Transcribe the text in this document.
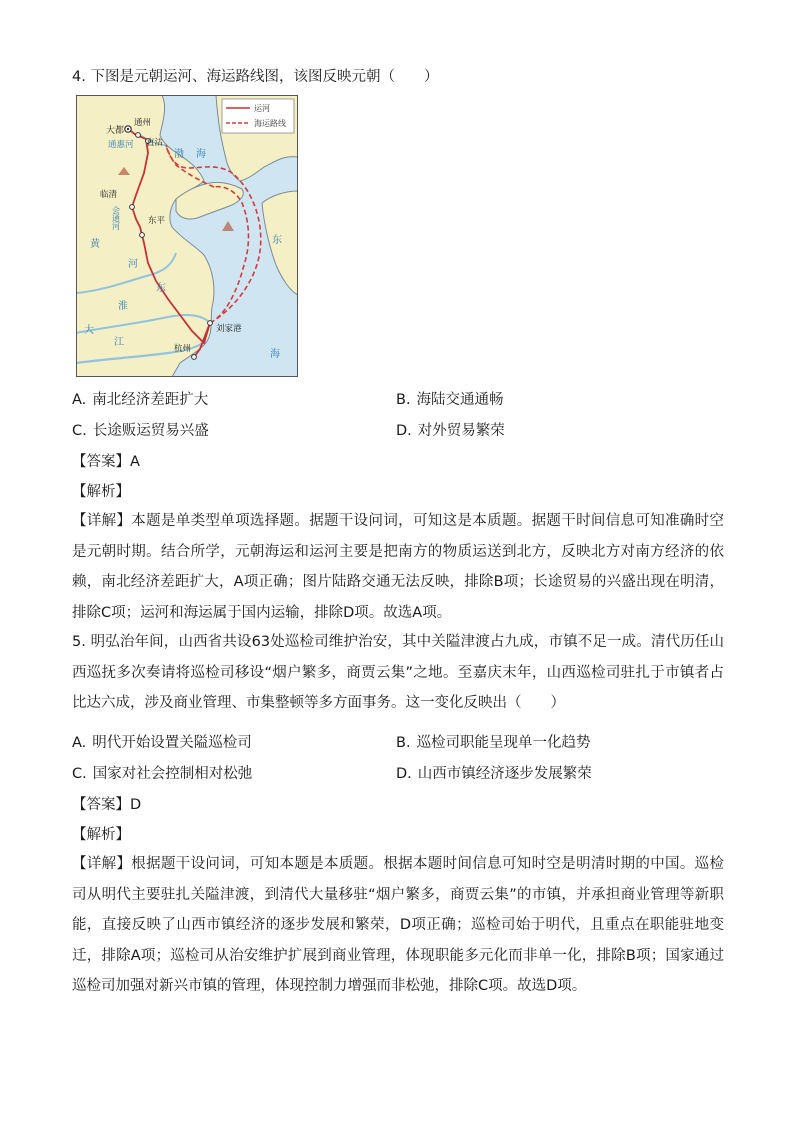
4. 下图是元朝运河、海运路线图，该图反映元朝（　　）
运河
海运路线
大都
通州
通惠河 直沽
渤 海
临清
会
通
河
东平
黄
河
东
东
淮
大
江
刘家港
杭州	海
A. 南北经济差距扩大	B. 海陆交通通畅
C. 长途贩运贸易兴盛	D. 对外贸易繁荣
【答案】A
【解析】
【详解】本题是单类型单项选择题。据题干设问词，可知这是本质题。据题干时间信息可知准确时空是元朝时期。结合所学，元朝海运和运河主要是把南方的物质运送到北方，反映北方对南方经济的依赖，南北经济差距扩大，A项正确；图片陆路交通无法反映，排除B项；长途贸易的兴盛出现在明清，排除C项；运河和海运属于国内运输，排除D项。故选A项。
5. 明弘治年间，山西省共设63处巡检司维护治安，其中关隘津渡占九成，市镇不足一成。清代历任山西巡抚多次奏请将巡检司移设“烟户繁多，商贾云集”之地。至嘉庆末年，山西巡检司驻扎于市镇者占比达六成，涉及商业管理、市集整顿等多方面事务。这一变化反映出（　　）
A. 明代开始设置关隘巡检司	B. 巡检司职能呈现单一化趋势
C. 国家对社会控制相对松弛	D. 山西市镇经济逐步发展繁荣
【答案】D
【解析】
【详解】根据题干设问词，可知本题是本质题。根据本题时间信息可知时空是明清时期的中国。巡检司从明代主要驻扎关隘津渡，到清代大量移驻“烟户繁多，商贾云集”的市镇，并承担商业管理等新职能，直接反映了山西市镇经济的逐步发展和繁荣，D项正确；巡检司始于明代，且重点在职能驻地变迁，排除A项；巡检司从治安维护扩展到商业管理，体现职能多元化而非单一化，排除B项；国家通过巡检司加强对新兴市镇的管理，体现控制力增强而非松弛，排除C项。故选D项。
